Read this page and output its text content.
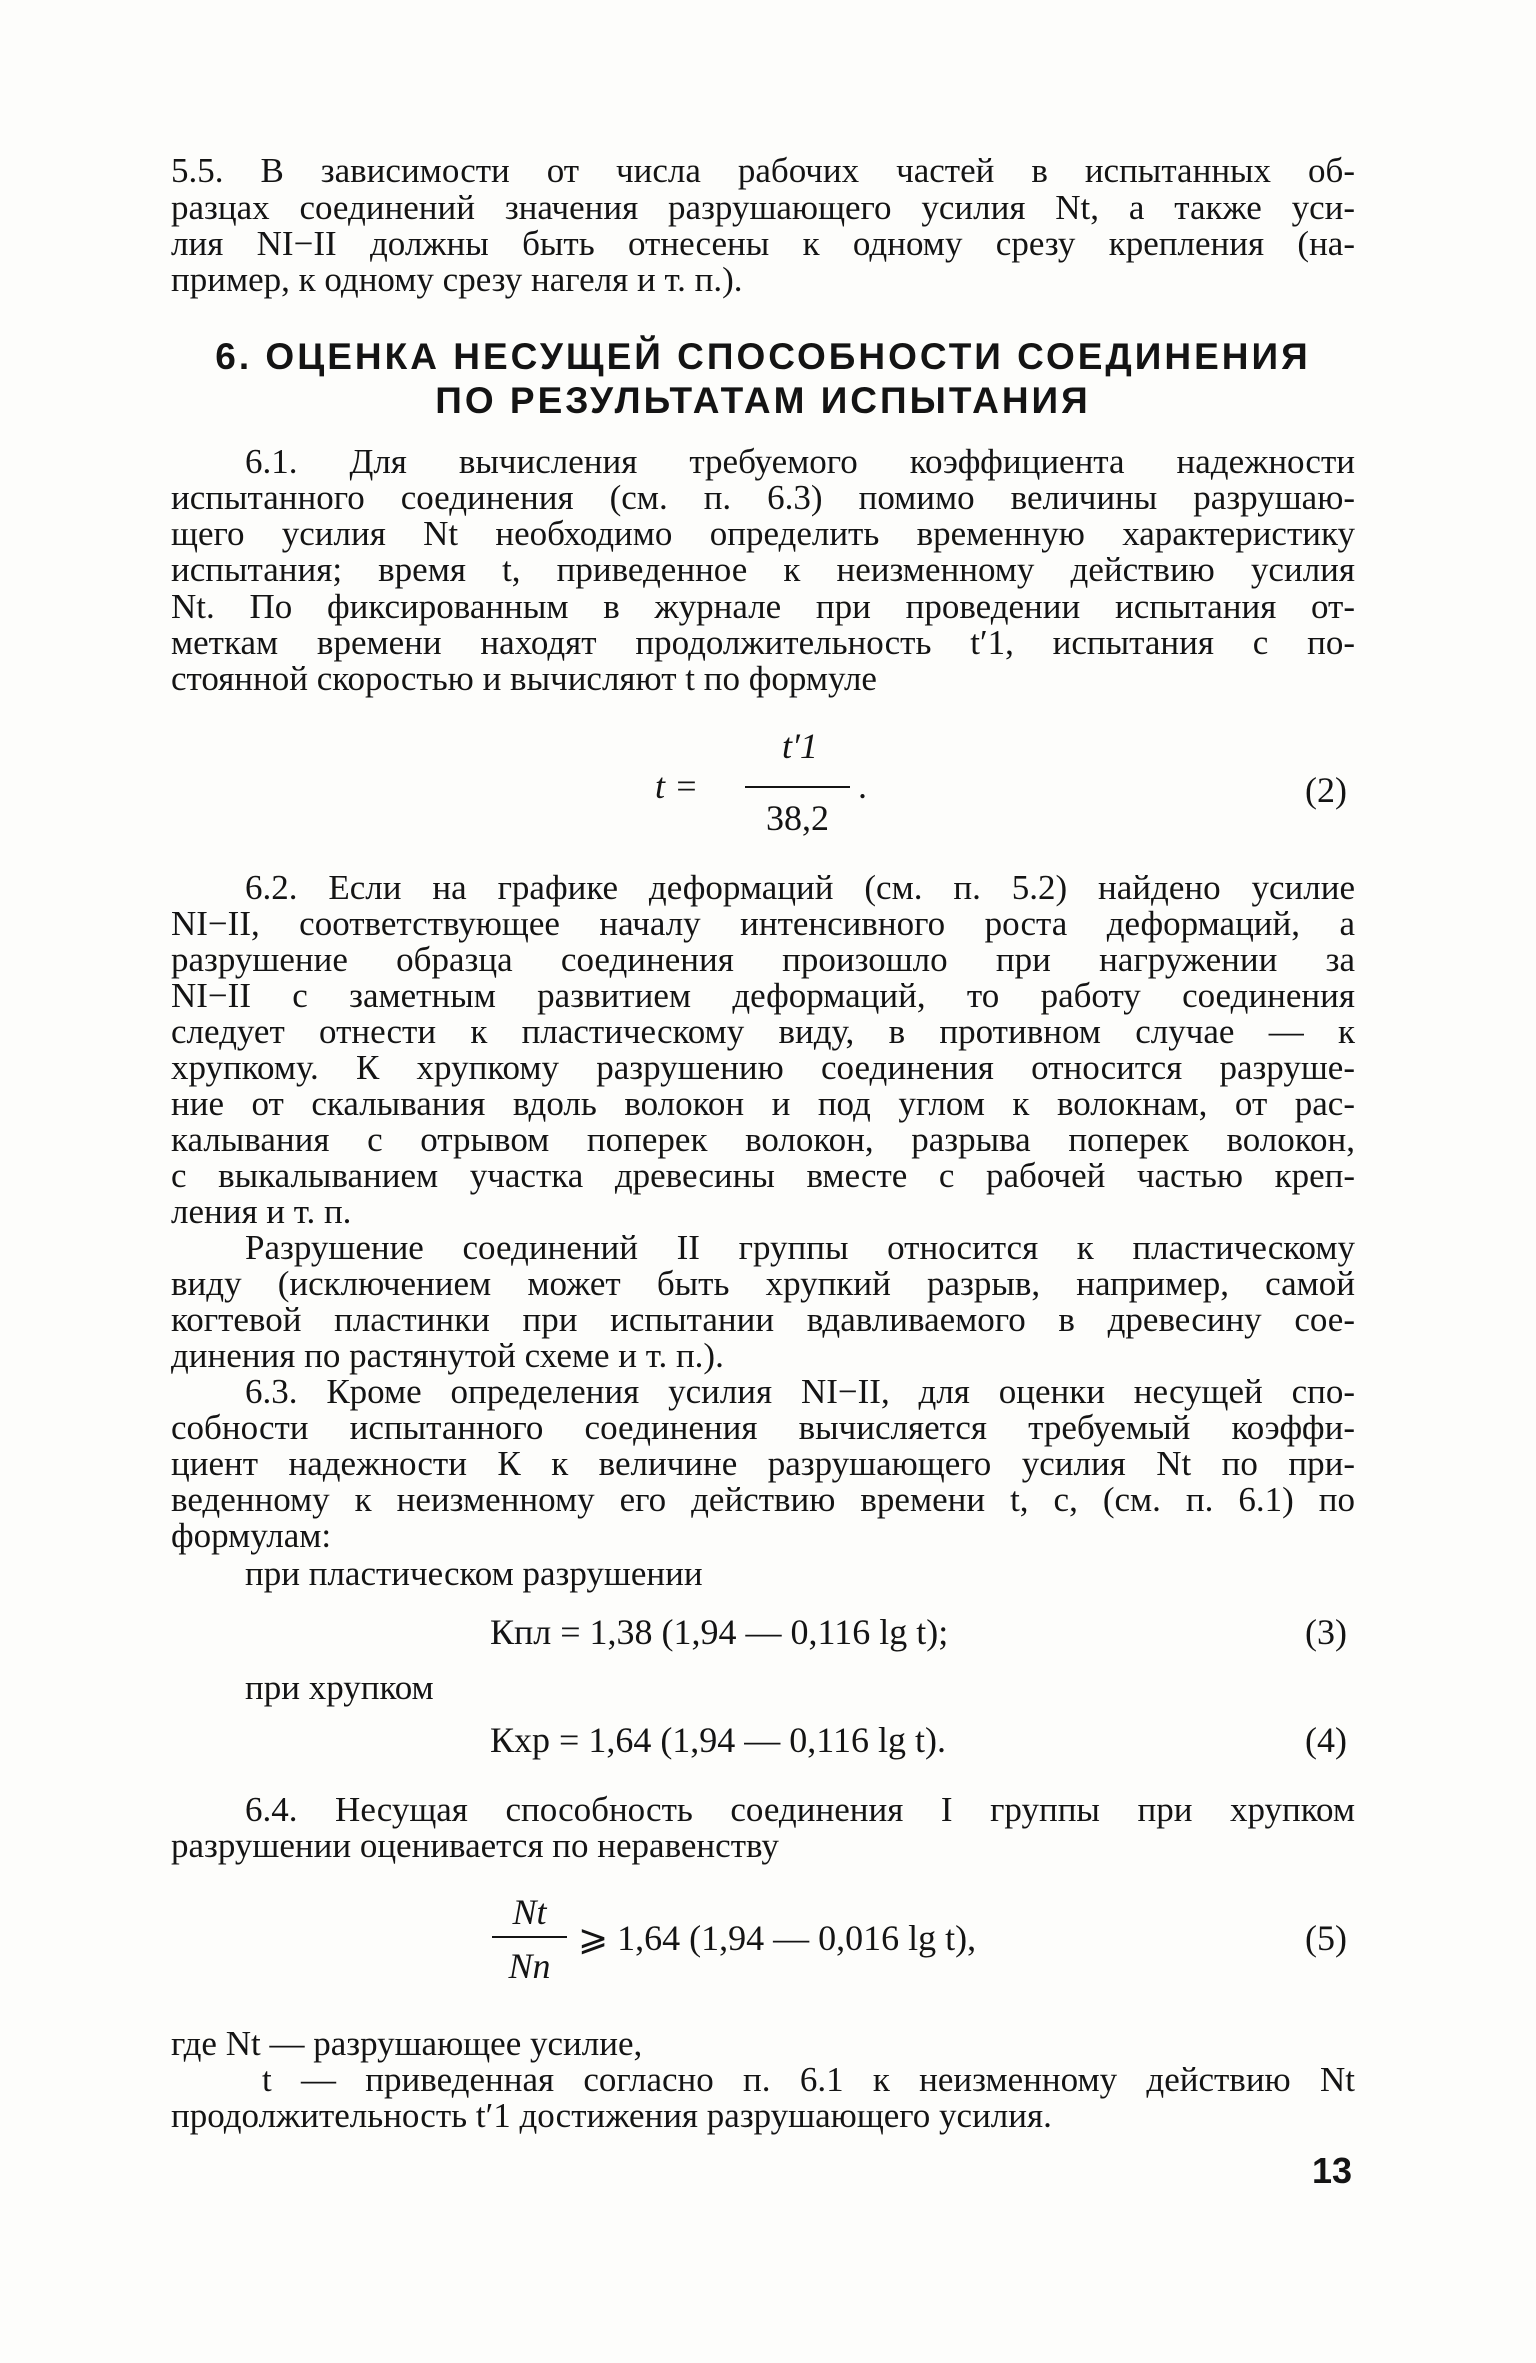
5.5. В зависимости от числа рабочих частей в испытанных об-
разцах соединений значения разрушающего усилия Nt, а также уси-
лия NI−II должны быть отнесены к одному срезу крепления (на-
пример, к одному срезу нагеля и т. п.).
6. ОЦЕНКА НЕСУЩЕЙ СПОСОБНОСТИ СОЕДИНЕНИЯ
ПО РЕЗУЛЬТАТАМ ИСПЫТАНИЯ
6.1. Для вычисления требуемого коэффициента надежности
испытанного соединения (см. п. 6.3) помимо величины разрушаю-
щего усилия Nt необходимо определить временную характеристику
испытания; время t, приведенное к неизменному действию усилия
Nt. По фиксированным в журнале при проведении испытания от-
меткам времени находят продолжительность t′1, испытания с по-
стоянной скоростью и вычисляют t по формуле
t =
t′1
38,2
.	(2)
6.2. Если на графике деформаций (см. п. 5.2) найдено усилие
NI−II, соответствующее началу интенсивного роста деформаций, а
разрушение образца соединения произошло при нагружении за
NI−II с заметным развитием деформаций, то работу соединения
следует отнести к пластическому виду, в противном случае — к
хрупкому. К хрупкому разрушению соединения относится разруше-
ние от скалывания вдоль волокон и под углом к волокнам, от рас-
калывания с отрывом поперек волокон, разрыва поперек волокон,
с выкалыванием участка древесины вместе с рабочей частью креп-
ления и т. п.
Разрушение соединений II группы относится к пластическому
виду (исключением может быть хрупкий разрыв, например, самой
когтевой пластинки при испытании вдавливаемого в древесину сое-
динения по растянутой схеме и т. п.).
6.3. Кроме определения усилия NI−II, для оценки несущей спо-
собности испытанного соединения вычисляется требуемый коэффи-
циент надежности К к величине разрушающего усилия Nt по при-
веденному к неизменному его действию времени t, с, (см. п. 6.1) по
формулам:
при пластическом разрушении
Кпл = 1,38 (1,94 — 0,116 lg t);	(3)
при хрупком
Кхр = 1,64 (1,94 — 0,116 lg t).	(4)
6.4. Несущая способность соединения I группы при хрупком
разрушении оценивается по неравенству
Nt
Nп
⩾ 1,64 (1,94 — 0,016 lg t),	(5)
где Nt — разрушающее усилие,
t — приведенная согласно п. 6.1 к неизменному действию Nt
продолжительность t′1 достижения разрушающего усилия.
13
